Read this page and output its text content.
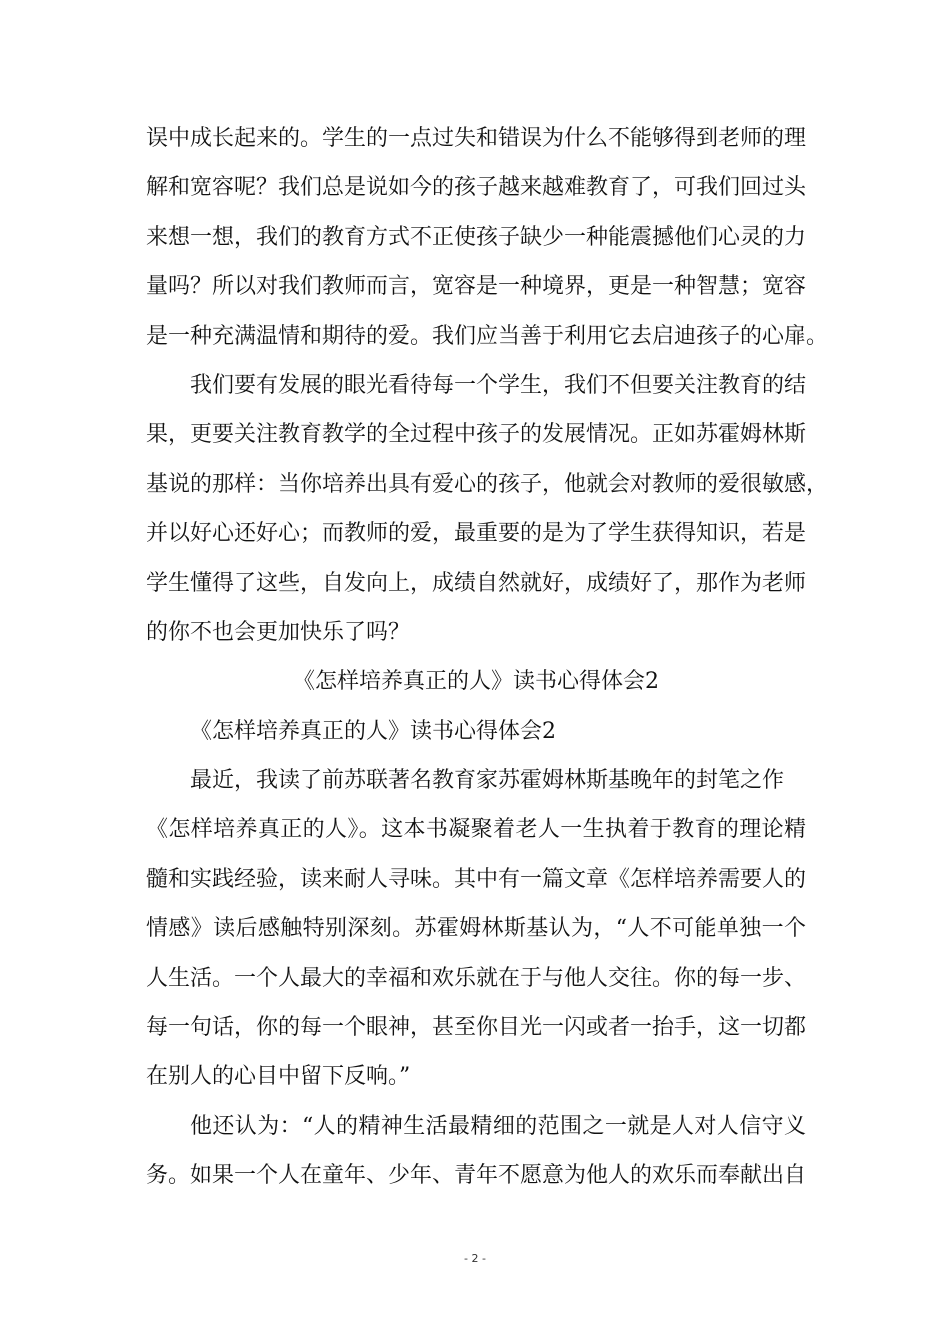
误中成长起来的。学生的一点过失和错误为什么不能够得到老师的理
解和宽容呢？我们总是说如今的孩子越来越难教育了，可我们回过头
来想一想，我们的教育方式不正使孩子缺少一种能震撼他们心灵的力
量吗？所以对我们教师而言，宽容是一种境界，更是一种智慧；宽容
是一种充满温情和期待的爱。我们应当善于利用它去启迪孩子的心扉。
我们要有发展的眼光看待每一个学生，我们不但要关注教育的结
果，更要关注教育教学的全过程中孩子的发展情况。正如苏霍姆林斯
基说的那样：当你培养出具有爱心的孩子，他就会对教师的爱很敏感，
并以好心还好心；而教师的爱，最重要的是为了学生获得知识，若是
学生懂得了这些，自发向上，成绩自然就好，成绩好了，那作为老师
的你不也会更加快乐了吗？
《怎样培养真正的人》读书心得体会2
《怎样培养真正的人》读书心得体会2
最近，我读了前苏联著名教育家苏霍姆林斯基晚年的封笔之作
《怎样培养真正的人》。这本书凝聚着老人一生执着于教育的理论精
髓和实践经验，读来耐人寻味。其中有一篇文章《怎样培养需要人的
情感》读后感触特别深刻。苏霍姆林斯基认为，“人不可能单独一个
人生活。一个人最大的幸福和欢乐就在于与他人交往。你的每一步、
每一句话，你的每一个眼神，甚至你目光一闪或者一抬手，这一切都
在别人的心目中留下反响。”
他还认为：“人的精神生活最精细的范围之一就是人对人信守义
务。如果一个人在童年、少年、青年不愿意为他人的欢乐而奉献出自
- 2 -
